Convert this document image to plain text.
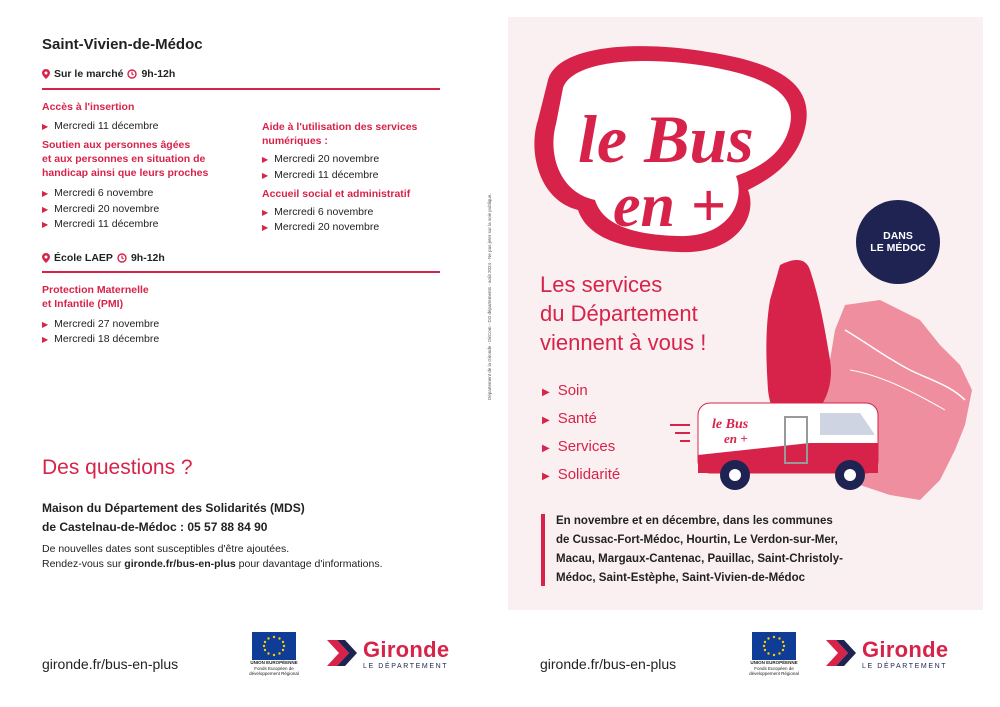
Saint-Vivien-de-Médoc
Sur le marché 9h-12h
Accès à l'insertion
▶ Mercredi 11 décembre
Soutien aux personnes âgées
et aux personnes en situation de
handicap ainsi que leurs proches
▶ Mercredi 6 novembre
▶ Mercredi 20 novembre
▶ Mercredi 11 décembre
Aide à l'utilisation des services
numériques :
▶ Mercredi 20 novembre
▶ Mercredi 11 décembre
Accueil social et administratif
▶ Mercredi 6 novembre
▶ Mercredi 20 novembre
École LAEP 9h-12h
Protection Maternelle
et Infantile (PMI)
▶ Mercredi 27 novembre
▶ Mercredi 18 décembre	Département de la Gironde - DirCom - DO départements - août 2024 - Ne pas jeter sur la voie publique.
Des questions ?
Maison du Département des Solidarités (MDS)
de Castelnau-de-Médoc : 05 57 88 84 90
De nouvelles dates sont susceptibles d'être ajoutées.
Rendez-vous sur gironde.fr/bus-en-plus pour davantage d'informations.
le Bus
en +	DANS
LE MÉDOC
Les services
du Département
viennent à vous !
▶ Soin
▶ Santé
▶ Services
▶ Solidarité
le Bus
en +
En novembre et en décembre, dans les communes
de Cussac-Fort-Médoc, Hourtin, Le Verdon-sur-Mer,
Macau, Margaux-Cantenac, Pauillac, Saint-Christoly-
Médoc, Saint-Estèphe, Saint-Vivien-de-Médoc
gironde.fr/bus-en-plus	UNION EUROPÉENNE
Fonds Européen de
développement Régional
Gironde
LE DÉPARTEMENT	gironde.fr/bus-en-plus	UNION EUROPÉENNE
Fonds Européen de
développement Régional
Gironde
LE DÉPARTEMENT
